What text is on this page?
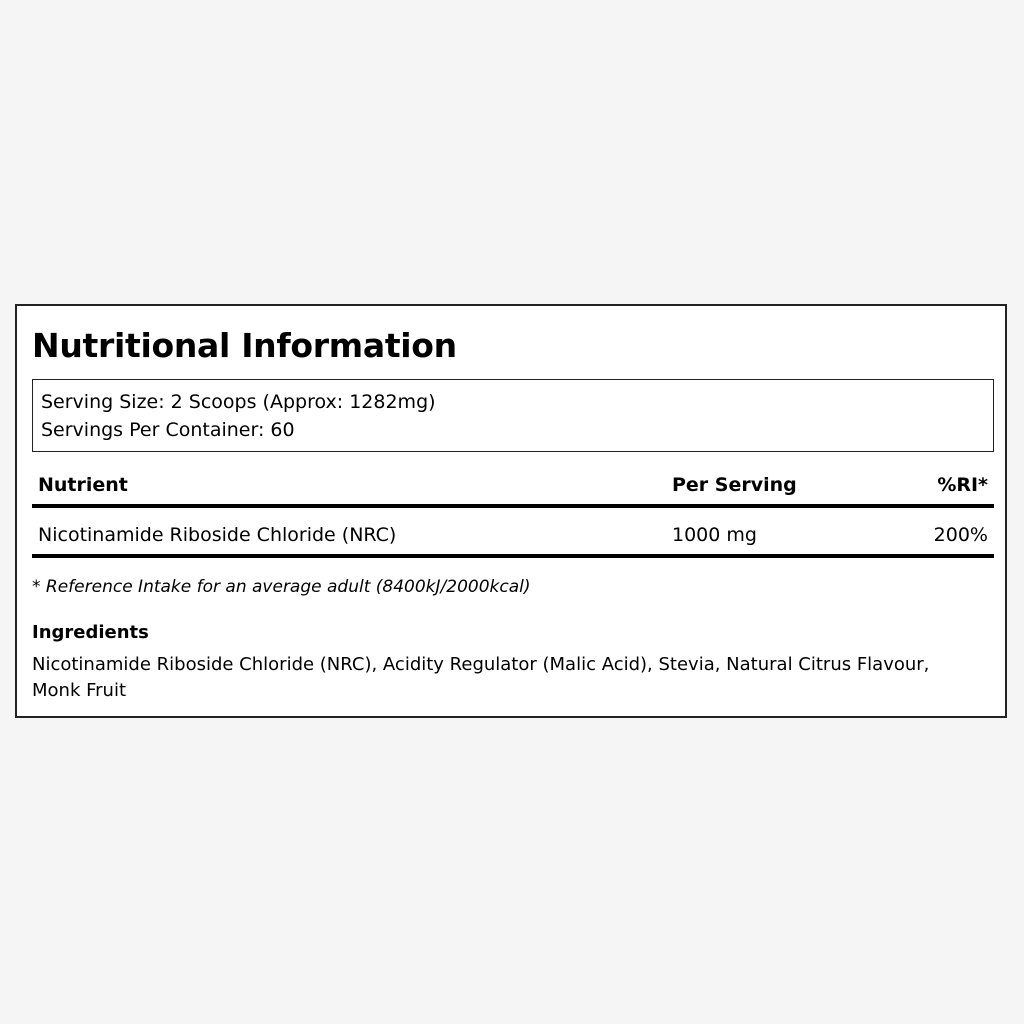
Nutritional Information
Serving Size: 2 Scoops (Approx: 1282mg)
Servings Per Container: 60
Nutrient	Per Serving	%RI*
Nicotinamide Riboside Chloride (NRC)	1000 mg	200%
* Reference Intake for an average adult (8400kJ/2000kcal)
Ingredients
Nicotinamide Riboside Chloride (NRC), Acidity Regulator (Malic Acid), Stevia, Natural Citrus Flavour, Monk Fruit
